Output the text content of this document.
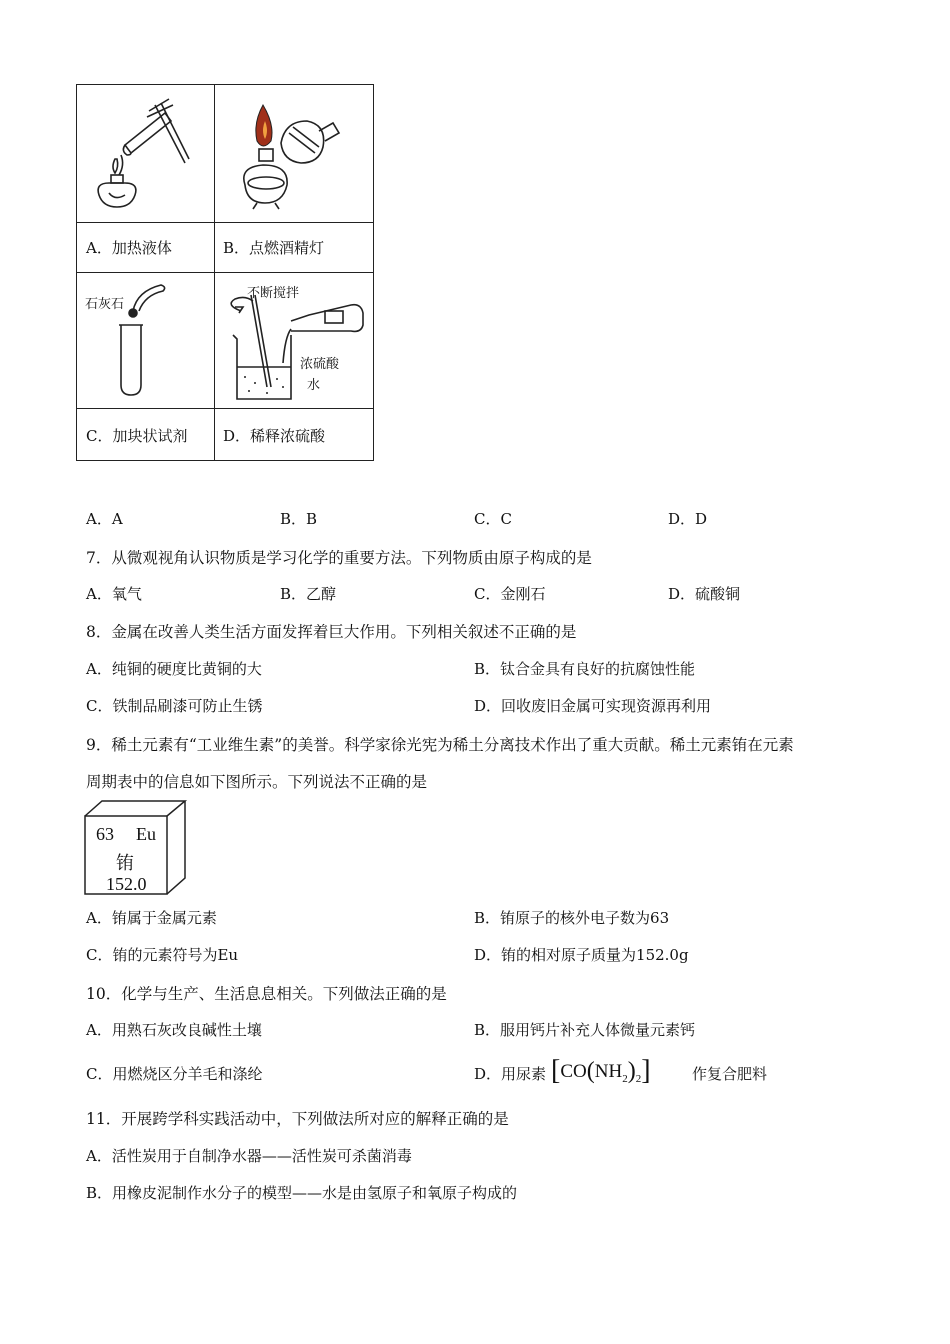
A．加热液体	B．点燃酒精灯
石灰石
不断搅拌
浓硫酸
水
C．加块状试剂 D．稀释浓硫酸
A．A	B．B	C．C	D．D
7．从微观视角认识物质是学习化学的重要方法。下列物质由原子构成的是
A．氧气	B．乙醇	C．金刚石	D．硫酸铜
8．金属在改善人类生活方面发挥着巨大作用。下列相关叙述不正确的是
A．纯铜的硬度比黄铜的大	B．钛合金具有良好的抗腐蚀性能
C．铁制品刷漆可防止生锈	D．回收废旧金属可实现资源再利用
9．稀土元素有“工业维生素”的美誉。科学家徐光宪为稀土分离技术作出了重大贡献。稀土元素铕在元素
周期表中的信息如下图所示。下列说法不正确的是
63 Eu
铕
152.0
A．铕属于金属元素	B．铕原子的核外电子数为63
C．铕的元素符号为Eu	D．铕的相对原子质量为152.0g
10．化学与生产、生活息息相关。下列做法正确的是
A．用熟石灰改良碱性土壤	B．服用钙片补充人体微量元素钙
C．用燃烧区分羊毛和涤纶	D．用尿素 $[CO(NH_2)_2]$	作复合肥料
11．开展跨学科实践活动中，下列做法所对应的解释正确的是
A．活性炭用于自制净水器——活性炭可杀菌消毒
B．用橡皮泥制作水分子的模型——水是由氢原子和氧原子构成的
